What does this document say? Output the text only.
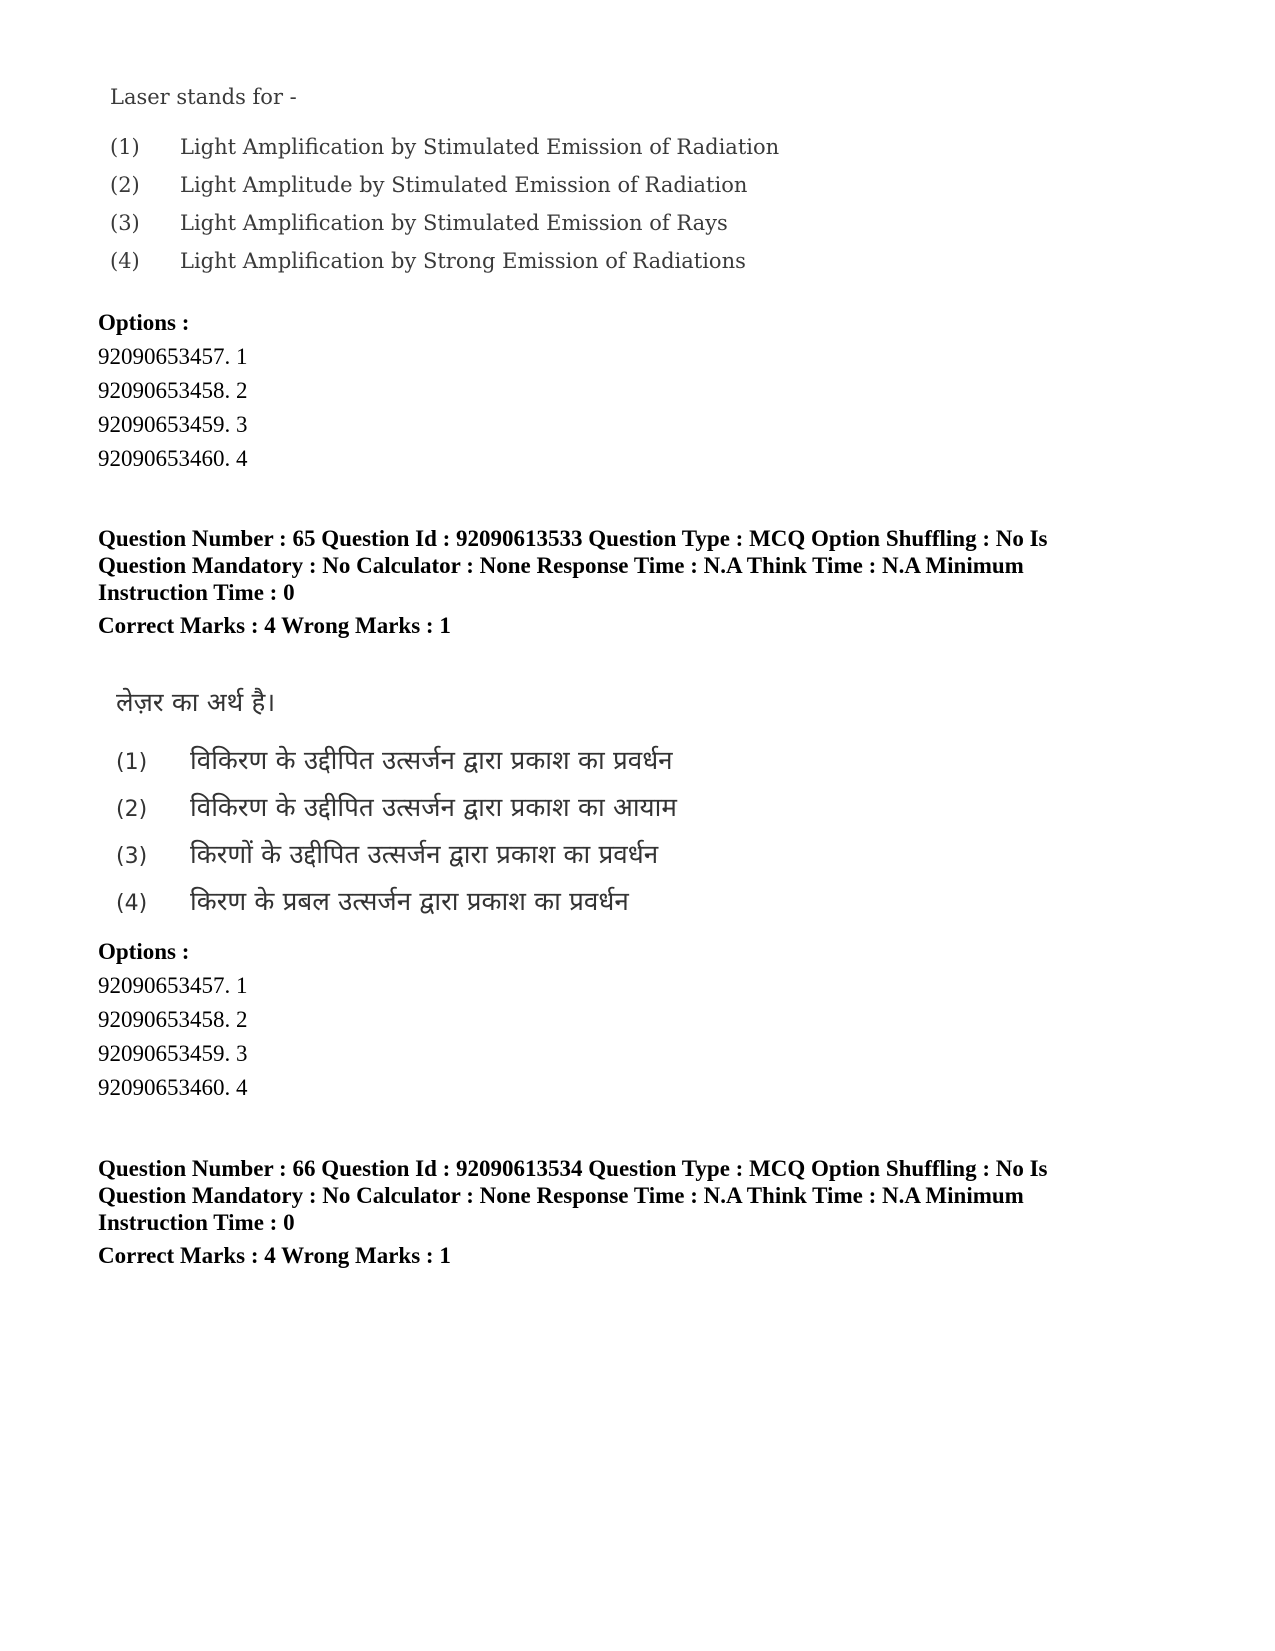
Laser stands for -
(1) Light Amplification by Stimulated Emission of Radiation
(2) Light Amplitude by Stimulated Emission of Radiation
(3) Light Amplification by Stimulated Emission of Rays
(4) Light Amplification by Strong Emission of Radiations
Options :
92090653457. 1
92090653458. 2
92090653459. 3
92090653460. 4
Question Number : 65 Question Id : 92090613533 Question Type : MCQ Option Shuffling : No Is
Question Mandatory : No Calculator : None Response Time : N.A Think Time : N.A Minimum
Instruction Time : 0
Correct Marks : 4 Wrong Marks : 1
लेज़र का अर्थ है।
(1) विकिरण के उद्दीपित उत्सर्जन द्वारा प्रकाश का प्रवर्धन
(2) विकिरण के उद्दीपित उत्सर्जन द्वारा प्रकाश का आयाम
(3) किरणों के उद्दीपित उत्सर्जन द्वारा प्रकाश का प्रवर्धन
(4) किरण के प्रबल उत्सर्जन द्वारा प्रकाश का प्रवर्धन
Options :
92090653457. 1
92090653458. 2
92090653459. 3
92090653460. 4
Question Number : 66 Question Id : 92090613534 Question Type : MCQ Option Shuffling : No Is
Question Mandatory : No Calculator : None Response Time : N.A Think Time : N.A Minimum
Instruction Time : 0
Correct Marks : 4 Wrong Marks : 1
